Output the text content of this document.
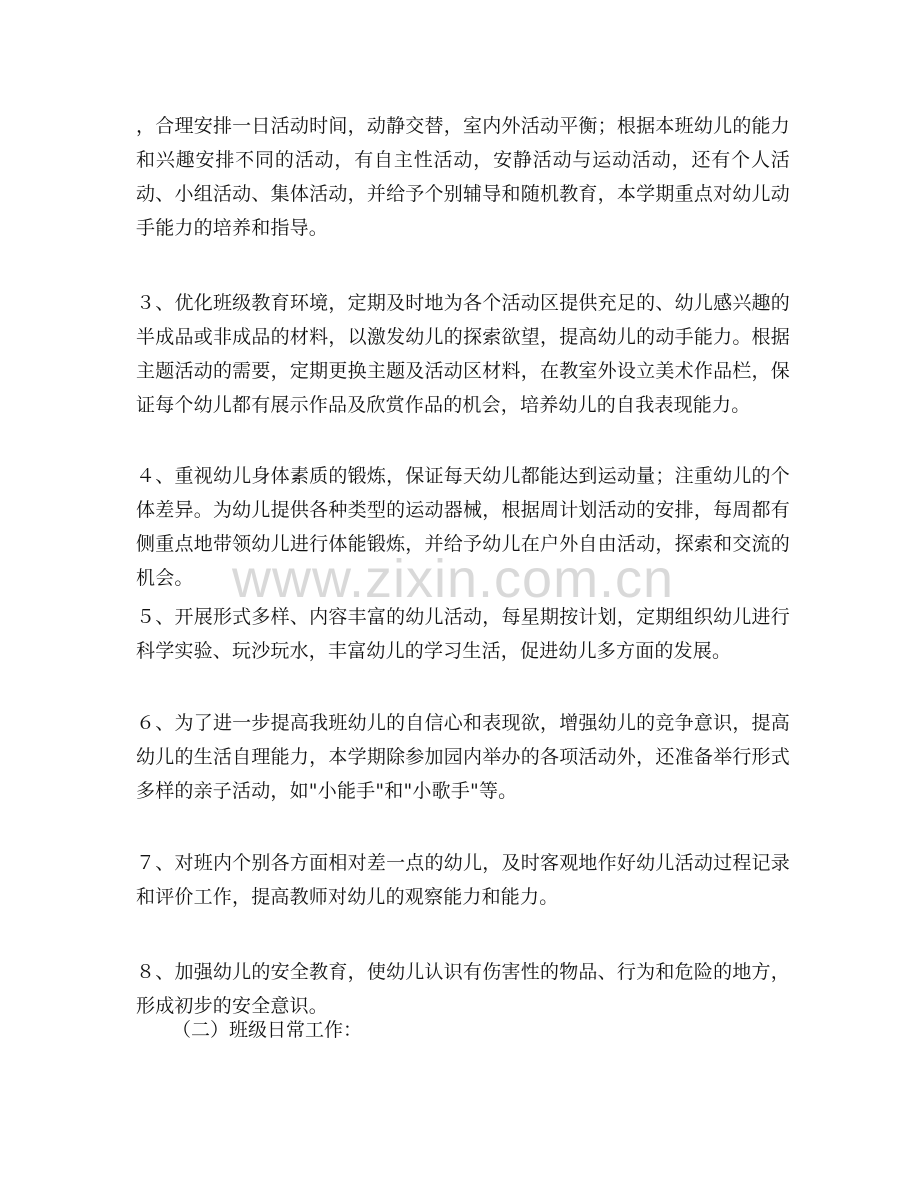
，合理安排一日活动时间，动静交替，室内外活动平衡；根据本班幼儿的能力和兴趣安排不同的活动，有自主性活动，安静活动与运动活动，还有个人活动、小组活动、集体活动，并给予个别辅导和随机教育，本学期重点对幼儿动手能力的培养和指导。

３、优化班级教育环境，定期及时地为各个活动区提供充足的、幼儿感兴趣的半成品或非成品的材料，以激发幼儿的探索欲望，提高幼儿的动手能力。根据主题活动的需要，定期更换主题及活动区材料，在教室外设立美术作品栏，保证每个幼儿都有展示作品及欣赏作品的机会，培养幼儿的自我表现能力。

４、重视幼儿身体素质的锻炼，保证每天幼儿都能达到运动量；注重幼儿的个体差异。为幼儿提供各种类型的运动器械，根据周计划活动的安排，每周都有侧重点地带领幼儿进行体能锻炼，并给予幼儿在户外自由活动，探索和交流的机会。

５、开展形式多样、内容丰富的幼儿活动，每星期按计划，定期组织幼儿进行科学实验、玩沙玩水，丰富幼儿的学习生活，促进幼儿多方面的发展。

６、为了进一步提高我班幼儿的自信心和表现欲，增强幼儿的竞争意识，提高幼儿的生活自理能力，本学期除参加园内举办的各项活动外，还准备举行形式多样的亲子活动，如"小能手"和"小歌手"等。

７、对班内个别各方面相对差一点的幼儿，及时客观地作好幼儿活动过程记录和评价工作，提高教师对幼儿的观察能力和能力。

８、加强幼儿的安全教育，使幼儿认识有伤害性的物品、行为和危险的地方，形成初步的安全意识。

（二）班级日常工作：

www.zixin.com.cn
